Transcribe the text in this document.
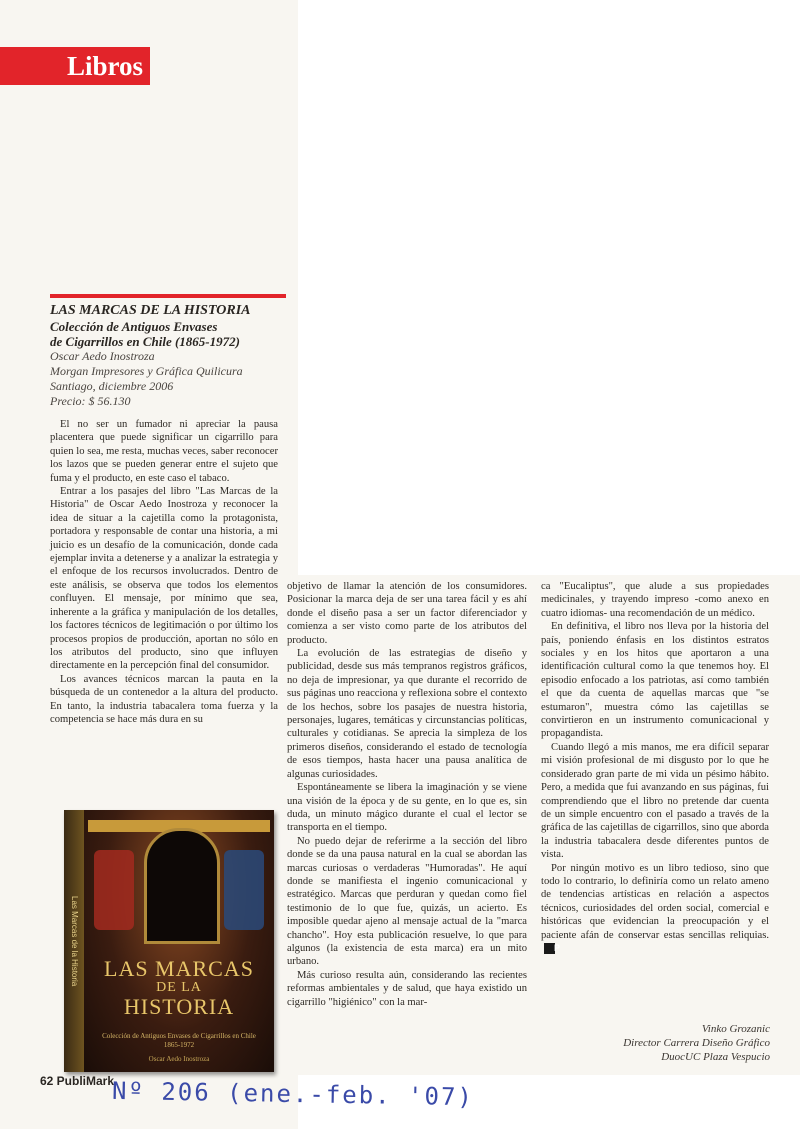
Libros
LAS MARCAS DE LA HISTORIA
Colección de Antiguos Envases
de Cigarrillos en Chile (1865-1972)
Oscar Aedo Inostroza
Morgan Impresores y Gráfica Quilicura
Santiago, diciembre 2006
Precio: $ 56.130

El no ser un fumador ni apreciar la pausa placentera que puede significar un cigarrillo para quien lo sea, me resta, muchas veces, saber reconocer los lazos que se pueden generar entre el sujeto que fuma y el producto, en este caso el tabaco.

Entrar a los pasajes del libro "Las Marcas de la Historia" de Oscar Aedo Inostroza y reconocer la idea de situar a la cajetilla como la protagonista, portadora y responsable de contar una historia, a mi juicio es un desafío de la comunicación, donde cada ejemplar invita a detenerse y a analizar la estrategia y el enfoque de los recursos involucrados. Dentro de este análisis, se observa que todos los elementos confluyen. El mensaje, por mínimo que sea, inherente a la gráfica y manipulación de los detalles, los factores técnicos de legitimación o por último los procesos propios de producción, aportan no sólo en los atributos del producto, sino que influyen directamente en la percepción final del consumidor.

Los avances técnicos marcan la pauta en la búsqueda de un contenedor a la altura del producto. En tanto, la industria tabacalera toma fuerza y la competencia se hace más dura en su

objetivo de llamar la atención de los consumidores. Posicionar la marca deja de ser una tarea fácil y es ahí donde el diseño pasa a ser un factor diferenciador y comienza a ser visto como parte de los atributos del producto.

La evolución de las estrategias de diseño y publicidad, desde sus más tempranos registros gráficos, no deja de impresionar, ya que durante el recorrido de sus páginas uno reacciona y reflexiona sobre el contexto de los hechos, sobre los pasajes de nuestra historia, personajes, lugares, temáticas y circunstancias políticas, culturales y cotidianas. Se aprecia la simpleza de los primeros diseños, considerando el estado de tecnología de esos tiempos, hasta hacer una pausa analítica de algunas curiosidades.

Espontáneamente se libera la imaginación y se viene una visión de la época y de su gente, en lo que es, sin duda, un minuto mágico durante el cual el lector se transporta en el tiempo.

No puedo dejar de referirme a la sección del libro donde se da una pausa natural en la cual se abordan las marcas curiosas o verdaderas "Humoradas". He aquí donde se manifiesta el ingenio comunicacional y estratégico. Marcas que perduran y quedan como fiel testimonio de lo que fue, quizás, un acierto. Es imposible quedar ajeno al mensaje actual de la "marca chancho". Hoy esta publicación resuelve, lo que para algunos (la existencia de esta marca) era un mito urbano.

Más curioso resulta aún, considerando las recientes reformas ambientales y de salud, que haya existido un cigarrillo "higiénico" con la mar-

ca "Eucaliptus", que alude a sus propiedades medicinales, y trayendo impreso -como anexo en cuatro idiomas- una recomendación de un médico.

En definitiva, el libro nos lleva por la historia del país, poniendo énfasis en los distintos estratos sociales y en los hitos que aportaron a una identificación cultural como la que tenemos hoy. El episodio enfocado a los patriotas, así como también el que da cuenta de aquellas marcas que "se estumaron", muestra cómo las cajetillas se convirtieron en un instrumento comunicacional y propagandista.

Cuando llegó a mis manos, me era difícil separar mi visión profesional de mi disgusto por lo que he considerado gran parte de mi vida un pésimo hábito. Pero, a medida que fui avanzando en sus páginas, fui comprendiendo que el libro no pretende dar cuenta de un simple encuentro con el pasado a través de la gráfica de las cajetillas de cigarrillos, sino que aborda la industria tabacalera desde diferentes puntos de vista.

Por ningún motivo es un libro tedioso, sino que todo lo contrario, lo definiría como un relato ameno de tendencias artísticas en relación a aspectos técnicos, curiosidades del orden social, comercial e históricas que evidencian la preocupación y el paciente afán de conservar estas sencillas reliquias.P

Las Marcas de la Historia	LAS MARCAS
DE LA
HISTORIA
Colección de Antiguos Envases de Cigarrillos en Chile 1865-1972
Oscar Aedo Inostroza
Vinko Grozanic
Director Carrera Diseño Gráfico
DuocUC Plaza Vespucio
62 PubliMark
Nº 206 (ene.-feb. '07)
